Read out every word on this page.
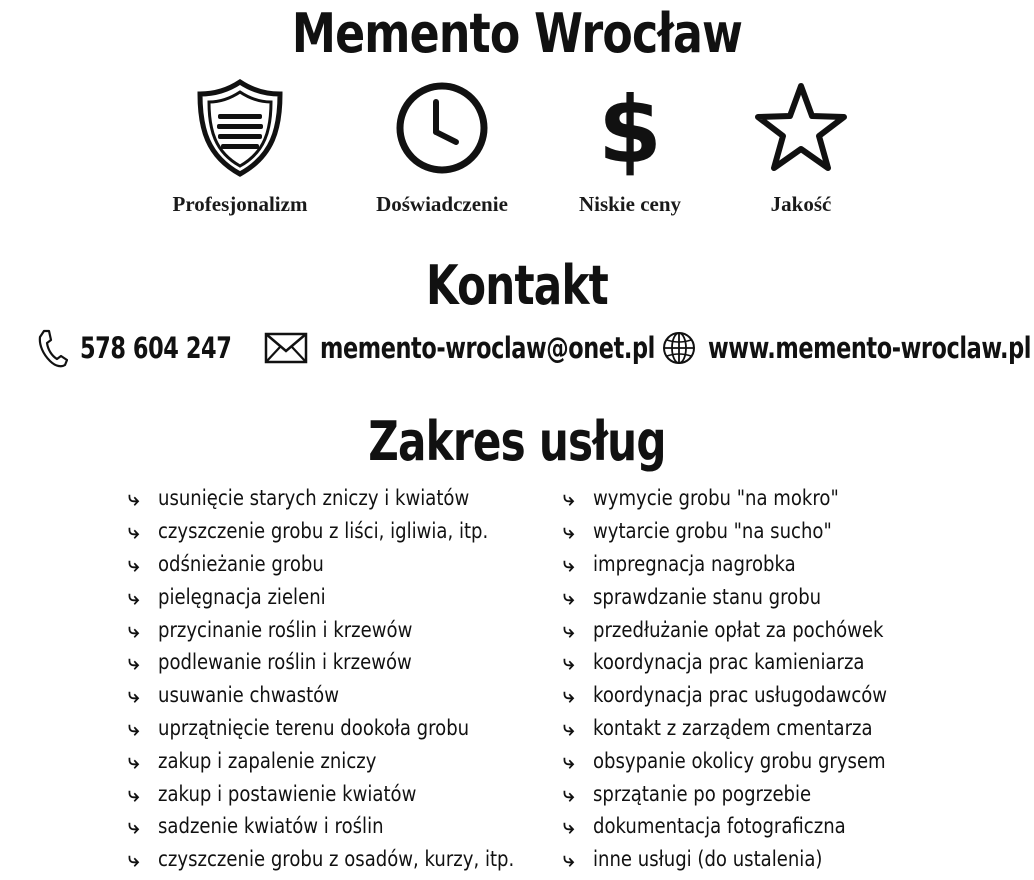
Memento Wrocław
Profesjonalizm	Doświadczenie
$
Niskie ceny	Jakość
Kontakt
578 604 247	memento-wroclaw@onet.pl www.memento-wroclaw.pl
Zakres usług
⤷ usunięcie starych zniczy i kwiatów
⤷ czyszczenie grobu z liści, igliwia, itp.
⤷ odśnieżanie grobu
⤷ pielęgnacja zieleni
⤷ przycinanie roślin i krzewów
⤷ podlewanie roślin i krzewów
⤷ usuwanie chwastów
⤷ uprzątnięcie terenu dookoła grobu
⤷ zakup i zapalenie zniczy
⤷ zakup i postawienie kwiatów
⤷ sadzenie kwiatów i roślin
⤷ czyszczenie grobu z osadów, kurzy, itp.
⤷ wymycie grobu "na mokro"
⤷ wytarcie grobu "na sucho"
⤷ impregnacja nagrobka
⤷ sprawdzanie stanu grobu
⤷ przedłużanie opłat za pochówek
⤷ koordynacja prac kamieniarza
⤷ koordynacja prac usługodawców
⤷ kontakt z zarządem cmentarza
⤷ obsypanie okolicy grobu grysem
⤷ sprzątanie po pogrzebie
⤷ dokumentacja fotograficzna
⤷ inne usługi (do ustalenia)
